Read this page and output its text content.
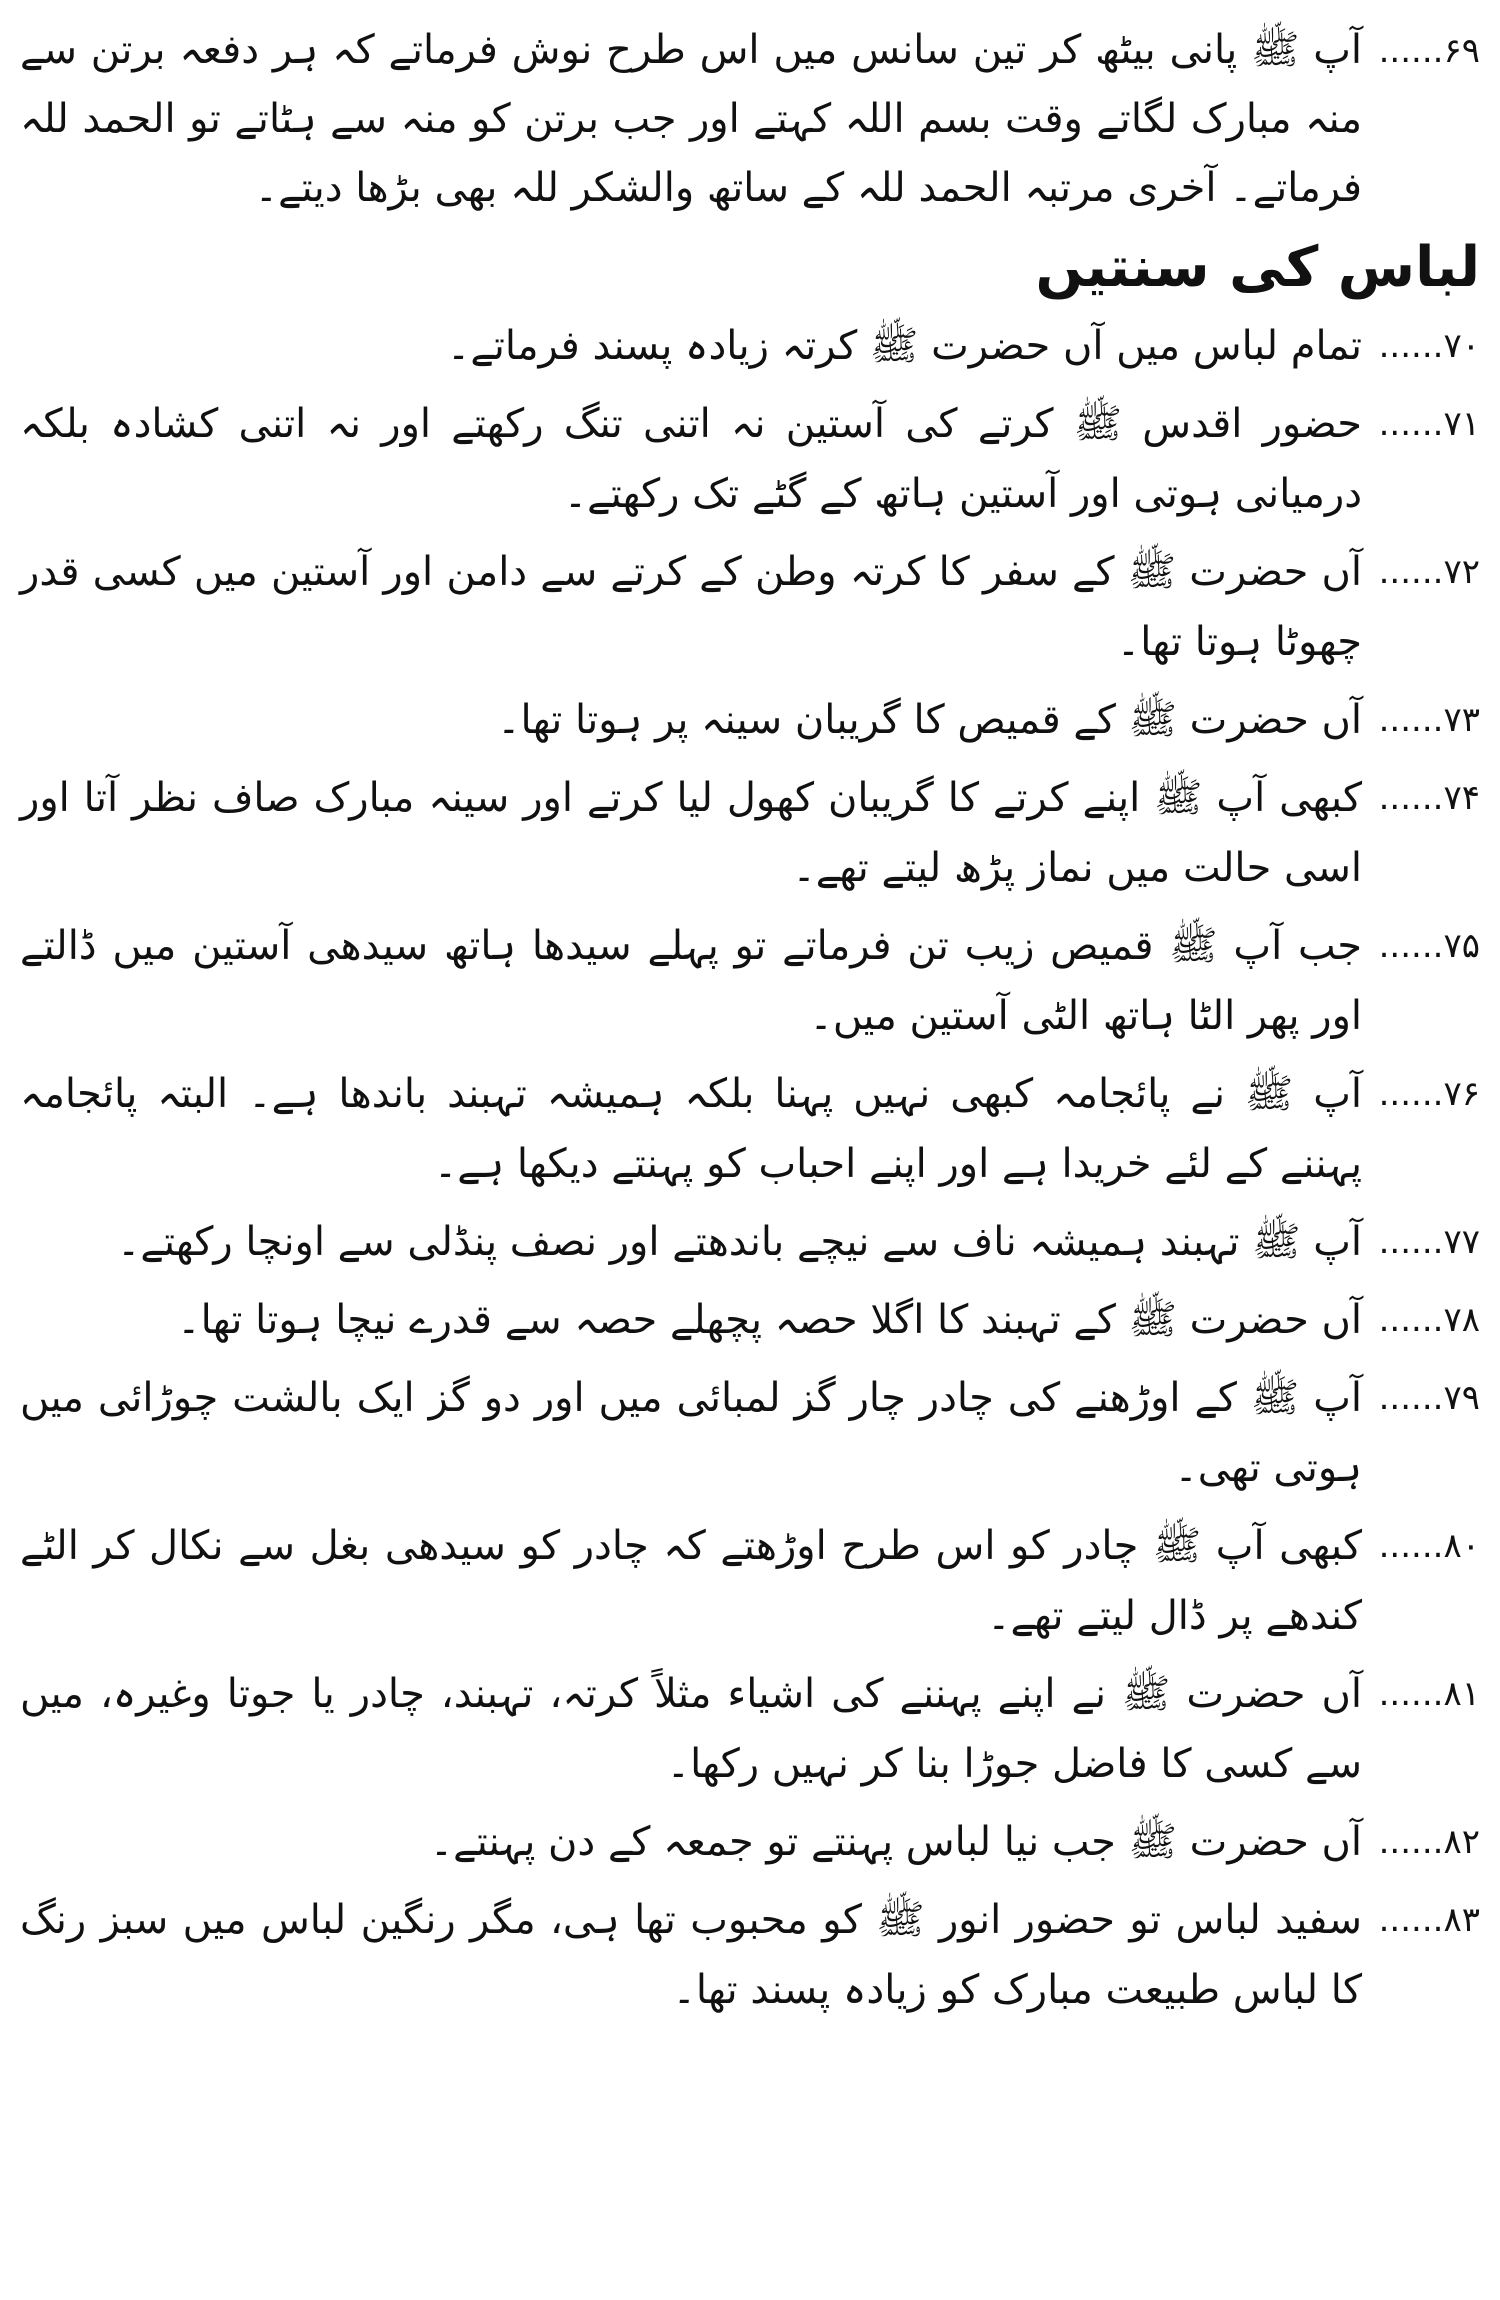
۶۹......
آپ ﷺ پانی بیٹھ کر تین سانس میں اس طرح نوش فرماتے کہ ہر دفعہ برتن سے منہ مبارک لگاتے وقت بسم اللہ کہتے اور جب برتن کو منہ سے ہٹاتے تو الحمد للہ فرماتے۔ آخری مرتبہ الحمد للہ کے ساتھ والشکر للہ بھی بڑھا دیتے۔
لباس کی سنتیں
۷۰......
تمام لباس میں آں حضرت ﷺ کرتہ زیادہ پسند فرماتے۔
۷۱......
حضور اقدس ﷺ کرتے کی آستین نہ اتنی تنگ رکھتے اور نہ اتنی کشادہ بلکہ درمیانی ہوتی اور آستین ہاتھ کے گٹے تک رکھتے۔
۷۲......
آں حضرت ﷺ کے سفر کا کرتہ وطن کے کرتے سے دامن اور آستین میں کسی قدر چھوٹا ہوتا تھا۔
۷۳......
آں حضرت ﷺ کے قمیص کا گریبان سینہ پر ہوتا تھا۔
۷۴......
کبھی آپ ﷺ اپنے کرتے کا گریبان کھول لیا کرتے اور سینہ مبارک صاف نظر آتا اور اسی حالت میں نماز پڑھ لیتے تھے۔
۷۵......
جب آپ ﷺ قمیص زیب تن فرماتے تو پہلے سیدھا ہاتھ سیدھی آستین میں ڈالتے اور پھر الٹا ہاتھ الٹی آستین میں۔
۷۶......
آپ ﷺ نے پائجامہ کبھی نہیں پہنا بلکہ ہمیشہ تہبند باندھا ہے۔ البتہ پائجامہ پہننے کے لئے خریدا ہے اور اپنے احباب کو پہنتے دیکھا ہے۔
۷۷......
آپ ﷺ تہبند ہمیشہ ناف سے نیچے باندھتے اور نصف پنڈلی سے اونچا رکھتے۔
۷۸......
آں حضرت ﷺ کے تہبند کا اگلا حصہ پچھلے حصہ سے قدرے نیچا ہوتا تھا۔
۷۹......
آپ ﷺ کے اوڑھنے کی چادر چار گز لمبائی میں اور دو گز ایک بالشت چوڑائی میں ہوتی تھی۔
۸۰......
کبھی آپ ﷺ چادر کو اس طرح اوڑھتے کہ چادر کو سیدھی بغل سے نکال کر الٹے کندھے پر ڈال لیتے تھے۔
۸۱......
آں حضرت ﷺ نے اپنے پہننے کی اشیاء مثلاً کرتہ، تہبند، چادر یا جوتا وغیرہ، میں سے کسی کا فاضل جوڑا بنا کر نہیں رکھا۔
۸۲......
آں حضرت ﷺ جب نیا لباس پہنتے تو جمعہ کے دن پہنتے۔
۸۳......
سفید لباس تو حضور انور ﷺ کو محبوب تھا ہی، مگر رنگین لباس میں سبز رنگ کا لباس طبیعت مبارک کو زیادہ پسند تھا۔
